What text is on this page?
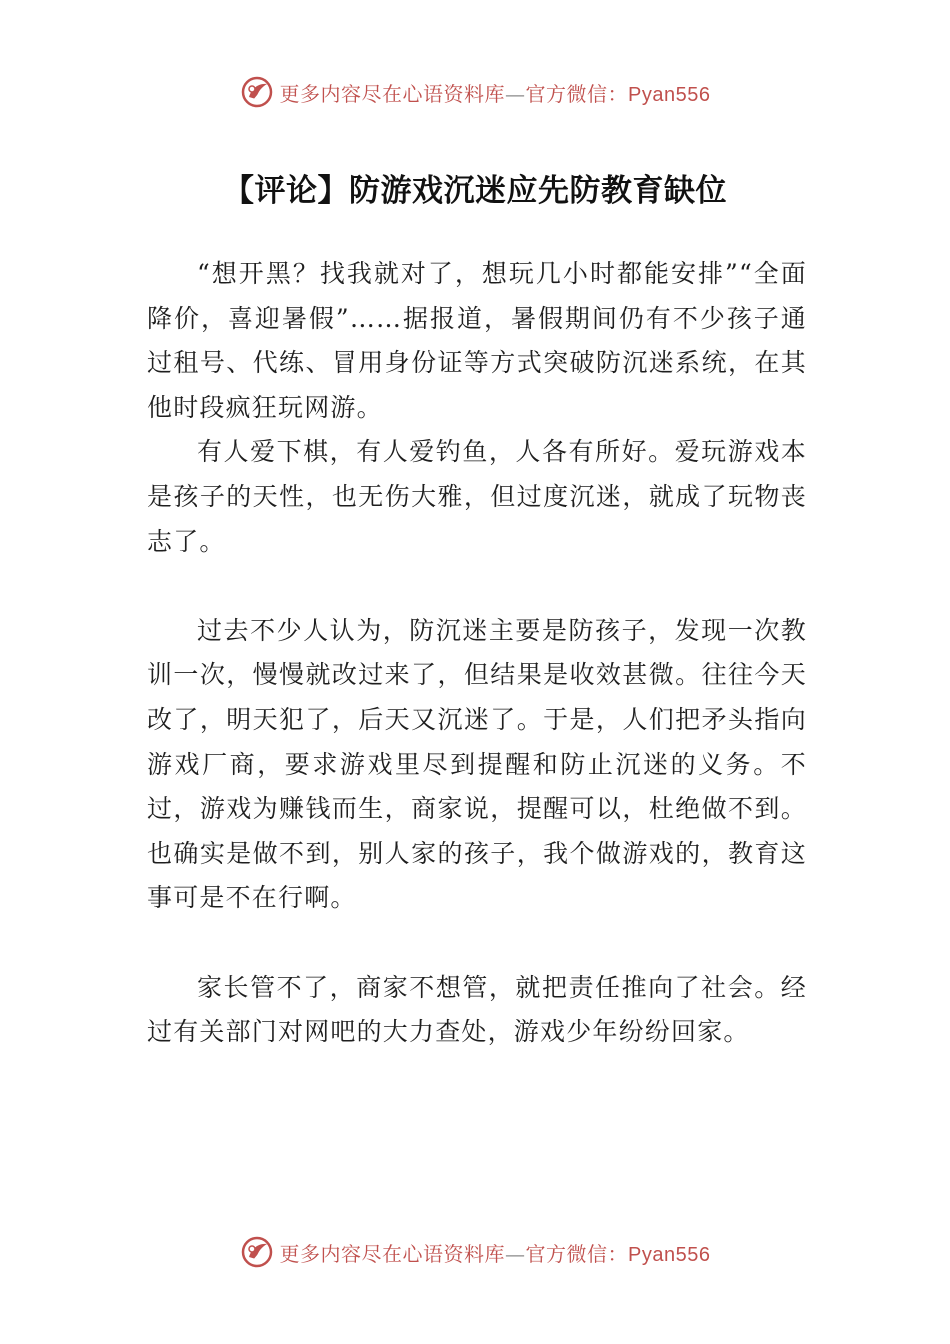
更多内容尽在心语资料库—官方微信：Pyan556
【评论】防游戏沉迷应先防教育缺位

“想开黑？找我就对了，想玩几小时都能安排”“全面降价，喜迎暑假”……据报道，暑假期间仍有不少孩子通过租号、代练、冒用身份证等方式突破防沉迷系统，在其他时段疯狂玩网游。

有人爱下棋，有人爱钓鱼，人各有所好。爱玩游戏本是孩子的天性，也无伤大雅，但过度沉迷，就成了玩物丧志了。

过去不少人认为，防沉迷主要是防孩子，发现一次教训一次，慢慢就改过来了，但结果是收效甚微。往往今天改了，明天犯了，后天又沉迷了。于是，人们把矛头指向游戏厂商，要求游戏里尽到提醒和防止沉迷的义务。不过，游戏为赚钱而生，商家说，提醒可以，杜绝做不到。也确实是做不到，别人家的孩子，我个做游戏的，教育这事可是不在行啊。

家长管不了，商家不想管，就把责任推向了社会。经过有关部门对网吧的大力查处，游戏少年纷纷回家。

更多内容尽在心语资料库—官方微信：Pyan556
